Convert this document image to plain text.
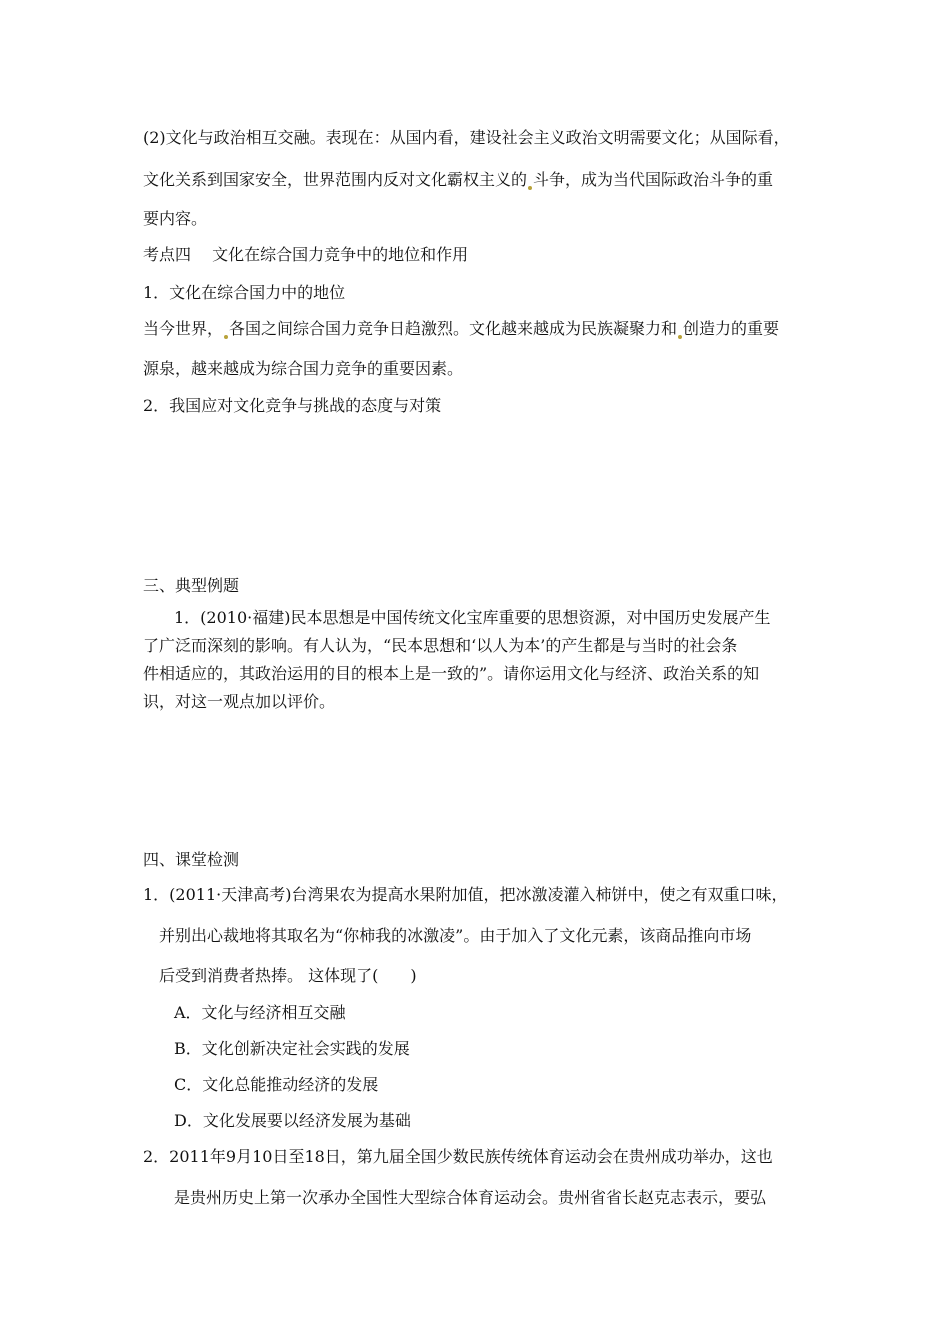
(2)文化与政治相互交融。表现在：从国内看，建设社会主义政治文明需要文化；从国际看，
文化关系到国家安全，世界范围内反对文化霸权主义的 斗争，成为当代国际政治斗争的重
要内容。
考点四　 文化在综合国力竞争中的地位和作用
1．文化在综合国力中的地位
当今世界， 各国之间综合国力竞争日趋激烈。文化越来越成为民族凝聚力和 创造力的重要
源泉，越来越成为综合国力竞争的重要因素。
2．我国应对文化竞争与挑战的态度与对策
三、典型例题
1．(2010·福建)民本思想是中国传统文化宝库重要的思想资源，对中国历史发展产生
了广泛而深刻的影响。有人认为，“民本思想和‘以人为本’的产生都是与当时的社会条
件相适应的，其政治运用的目的根本上是一致的”。请你运用文化与经济、政治关系的知
识，对这一观点加以评价。
四、课堂检测
1．(2011·天津高考)台湾果农为提高水果附加值，把冰激凌灌入柿饼中，使之有双重口味，
并别出心裁地将其取名为“你柿我的冰激凌”。由于加入了文化元素，该商品推向市场
后受到消费者热捧。 这体现了(　　)
A．文化与经济相互交融
B．文化创新决定社会实践的发展
C．文化总能推动经济的发展
D．文化发展要以经济发展为基础
2．2011年9月10日至18日，第九届全国少数民族传统体育运动会在贵州成功举办，这也
是贵州历史上第一次承办全国性大型综合体育运动会。贵州省省长赵克志表示，要弘
